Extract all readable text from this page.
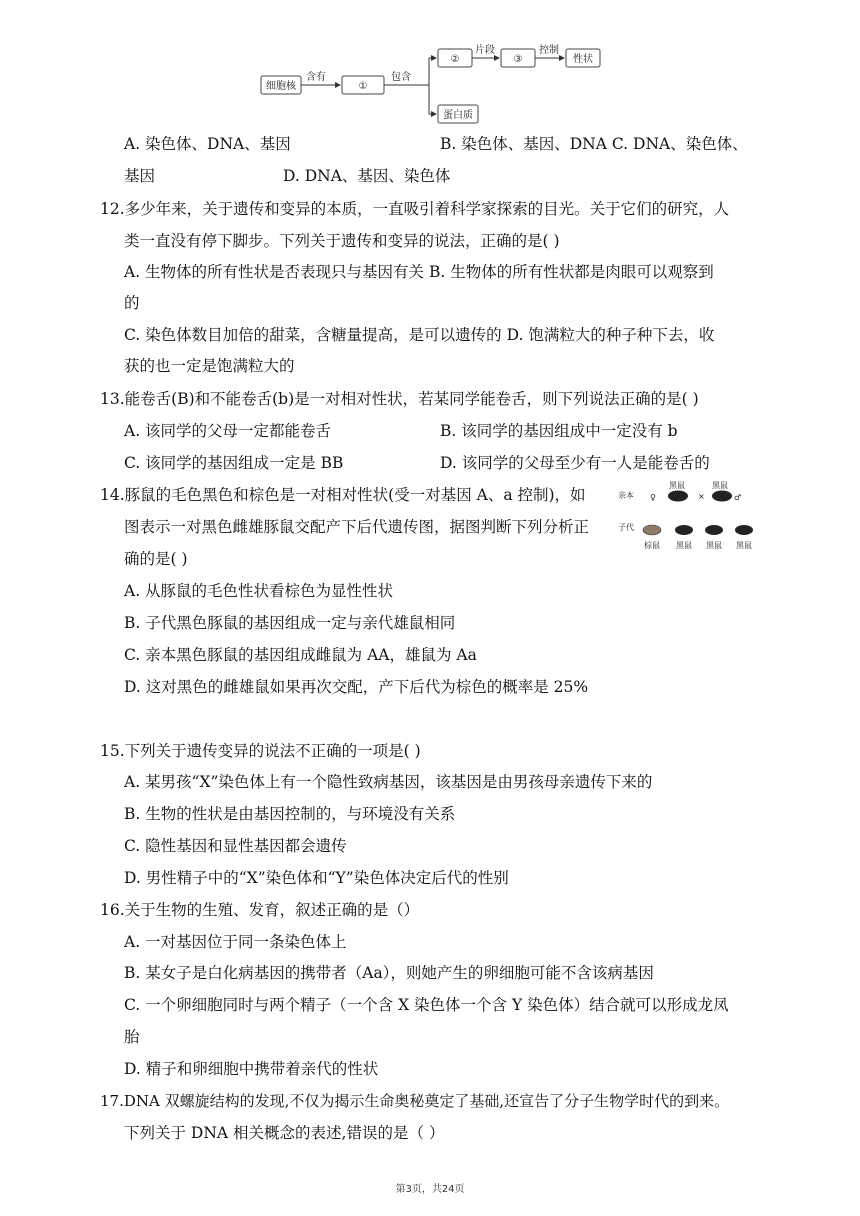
细胞核
含有
①
包含
②
片段
③
控制
性状
蛋白质
A. 染色体、DNA、基因	B. 染色体、基因、DNA C. DNA、染色体、
基因	D. DNA、基因、染色体
12.多少年来，关于遗传和变异的本质，一直吸引着科学家探索的目光。关于它们的研究，人
类一直没有停下脚步。下列关于遗传和变异的说法，正确的是( )
A. 生物体的所有性状是否表现只与基因有关 B. 生物体的所有性状都是肉眼可以观察到
的
C. 染色体数目加倍的甜菜，含糖量提高，是可以遗传的 D. 饱满粒大的种子种下去，收
获的也一定是饱满粒大的
13.能卷舌(B)和不能卷舌(b)是一对相对性状，若某同学能卷舌，则下列说法正确的是( )
A. 该同学的父母一定都能卷舌	B. 该同学的基因组成中一定没有 b
C. 该同学的基因组成一定是 BB	D. 该同学的父母至少有一人是能卷舌的
14.豚鼠的毛色黑色和棕色是一对相对性状(受一对基因 A、a 控制)，如
图表示一对黑色雌雄豚鼠交配产下后代遗传图，据图判断下列分析正
确的是( )
A. 从豚鼠的毛色性状看棕色为显性性状
B. 子代黑色豚鼠的基因组成一定与亲代雄鼠相同
C. 亲本黑色豚鼠的基因组成雌鼠为 AA，雄鼠为 Aa
D. 这对黑色的雌雄鼠如果再次交配，产下后代为棕色的概率是 25%
亲本 ♀
黑鼠
×
黑鼠
♂
子代
棕鼠 黑鼠 黑鼠 黑鼠
15.下列关于遗传变异的说法不正确的一项是( )
A. 某男孩“X”染色体上有一个隐性致病基因，该基因是由男孩母亲遗传下来的
B. 生物的性状是由基因控制的，与环境没有关系
C. 隐性基因和显性基因都会遗传
D. 男性精子中的“X”染色体和“Y”染色体决定后代的性别
16.关于生物的生殖、发育，叙述正确的是（）
A. 一对基因位于同一条染色体上
B. 某女子是白化病基因的携带者（Aa），则她产生的卵细胞可能不含该病基因
C. 一个卵细胞同时与两个精子（一个含 X 染色体一个含 Y 染色体）结合就可以形成龙凤
胎
D. 精子和卵细胞中携带着亲代的性状
17.DNA 双螺旋结构的发现,不仅为揭示生命奥秘奠定了基础,还宣告了分子生物学时代的到来。
下列关于 DNA 相关概念的表述,错误的是（ ）
第3页，共24页
